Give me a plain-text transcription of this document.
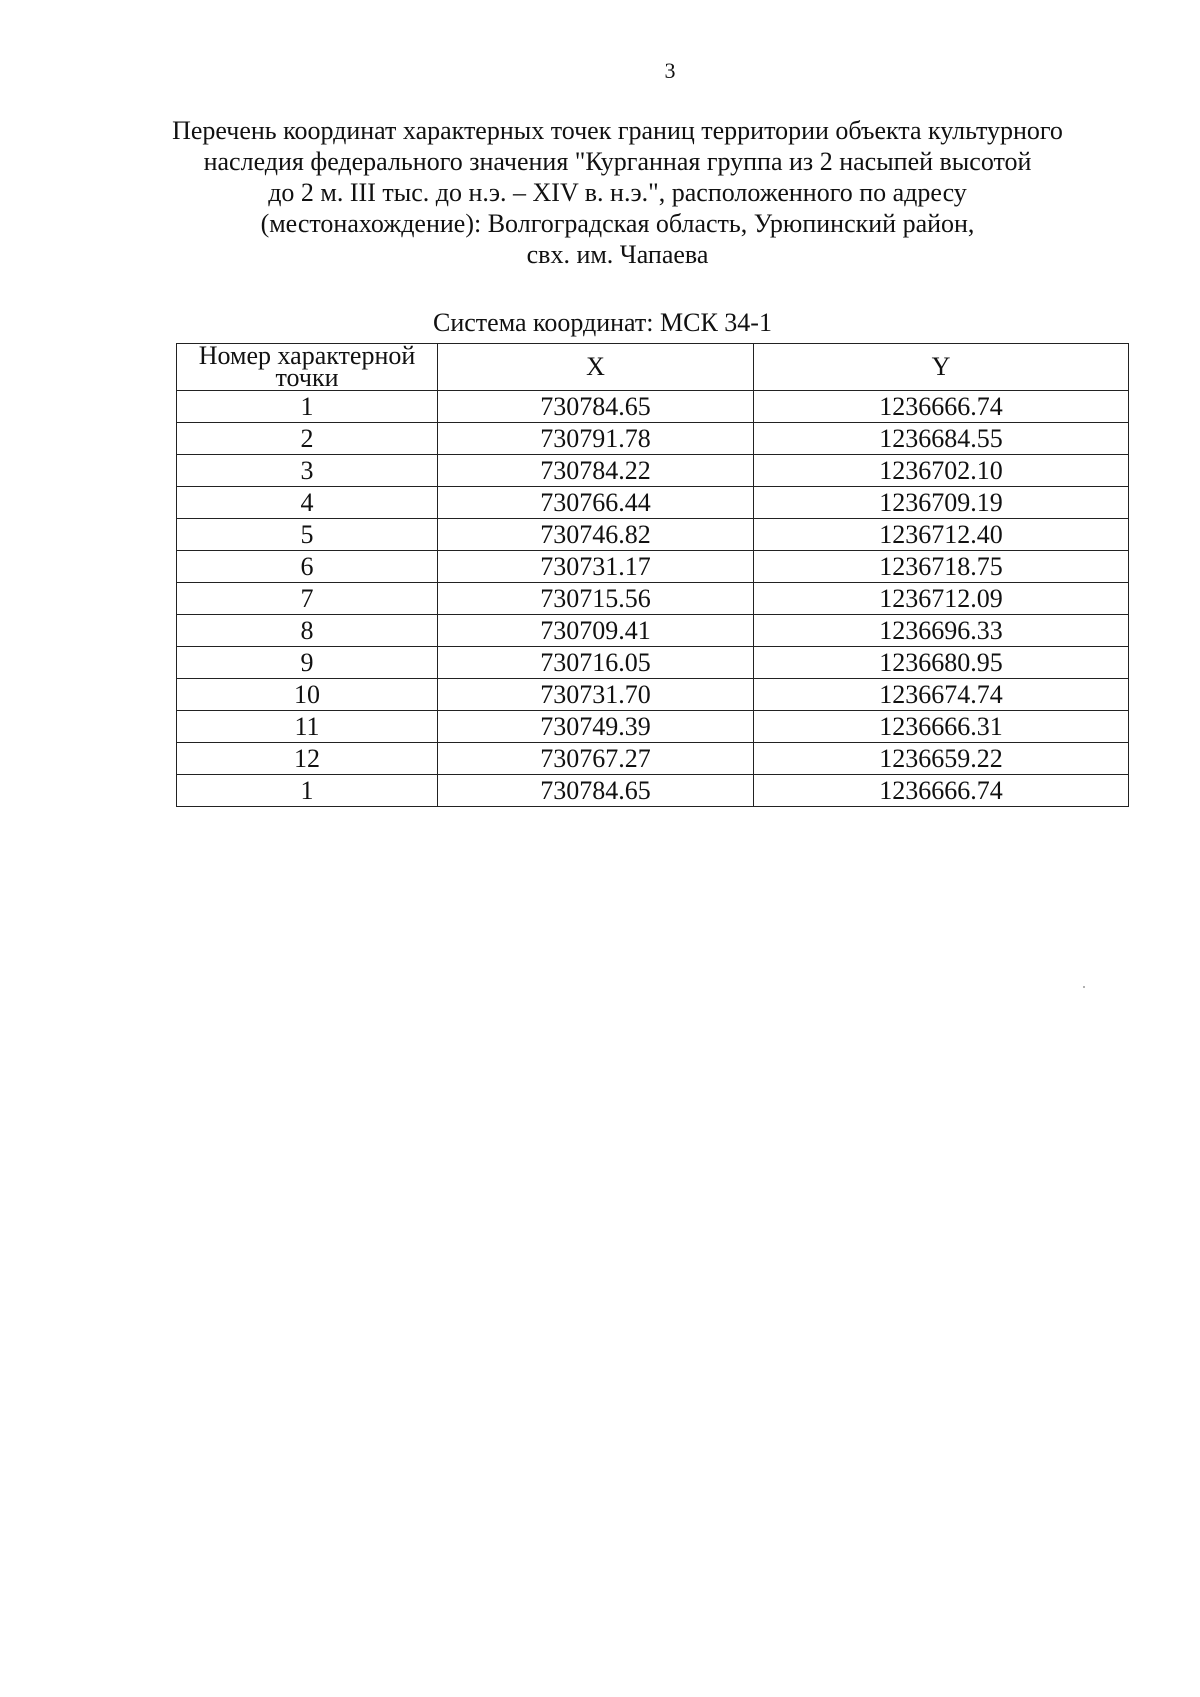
3
Перечень координат характерных точек границ территории объекта культурного
наследия федерального значения "Курганная группа из 2 насыпей высотой
до 2 м. III тыс. до н.э. – XIV в. н.э.", расположенного по адресу
(местонахождение): Волгоградская область, Урюпинский район,
свх. им. Чапаева
Система координат: МСК 34-1
Номер характерной точки	X	Y
1	730784.65	1236666.74
2	730791.78	1236684.55
3	730784.22	1236702.10
4	730766.44	1236709.19
5	730746.82	1236712.40
6	730731.17	1236718.75
7	730715.56	1236712.09
8	730709.41	1236696.33
9	730716.05	1236680.95
10	730731.70	1236674.74
11	730749.39	1236666.31
12	730767.27	1236659.22
1	730784.65	1236666.74
